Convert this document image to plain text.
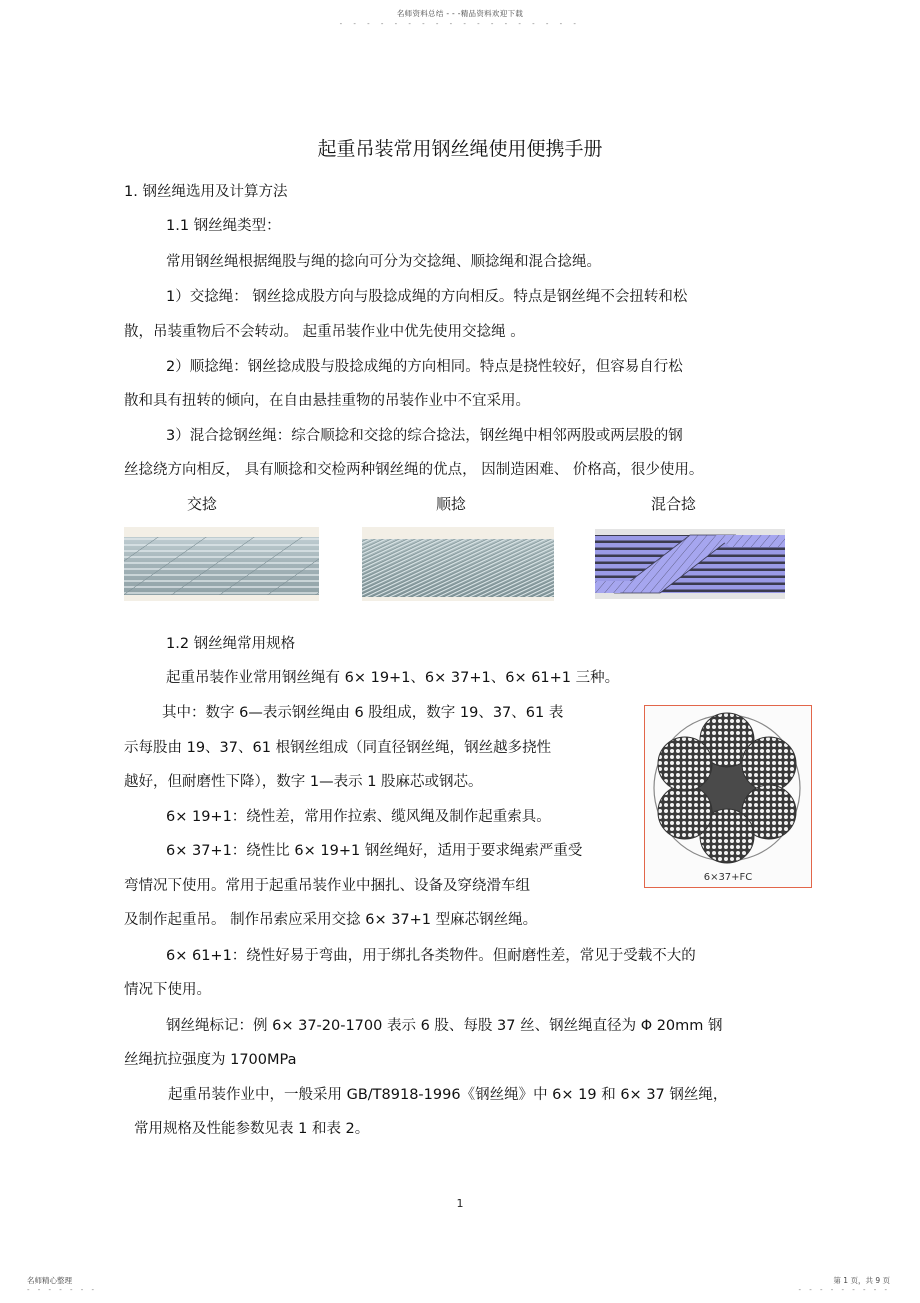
名师资料总结 - - -精品资料欢迎下载
- - - - - - - - - - - - - - - - - -
起重吊装常用钢丝绳使用便携手册
1. 钢丝绳选用及计算方法
1.1 钢丝绳类型：
常用钢丝绳根据绳股与绳的捻向可分为交捻绳、顺捻绳和混合捻绳。
1）交捻绳： 钢丝捻成股方向与股捻成绳的方向相反。特点是钢丝绳不会扭转和松
散，吊装重物后不会转动。 起重吊装作业中优先使用交捻绳 。
2）顺捻绳：钢丝捻成股与股捻成绳的方向相同。特点是挠性较好，但容易自行松
散和具有扭转的倾向，在自由悬挂重物的吊装作业中不宜采用。
3）混合捻钢丝绳：综合顺捻和交捻的综合捻法，钢丝绳中相邻两股或两层股的钢
丝捻绕方向相反， 具有顺捻和交检两种钢丝绳的优点， 因制造困难、 价格高，很少使用。
交捻	顺捻	混合捻
1.2 钢丝绳常用规格
起重吊装作业常用钢丝绳有 6× 19+1、6× 37+1、6× 61+1 三种。
其中：数字 6—表示钢丝绳由 6 股组成，数字 19、37、61 表
示每股由 19、37、61 根钢丝组成（同直径钢丝绳，钢丝越多挠性
越好，但耐磨性下降），数字 1—表示 1 股麻芯或钢芯。
6× 19+1：绕性差，常用作拉索、缆风绳及制作起重索具。
6× 37+1：绕性比 6× 19+1 钢丝绳好，适用于要求绳索严重受
弯情况下使用。常用于起重吊装作业中捆扎、设备及穿绕滑车组
及制作起重吊。 制作吊索应采用交捻 6× 37+1 型麻芯钢丝绳。
6× 61+1：绕性好易于弯曲，用于绑扎各类物件。但耐磨性差，常见于受载不大的
情况下使用。
钢丝绳标记：例 6× 37-20-1700 表示 6 股、每股 37 丝、钢丝绳直径为 Φ 20mm 钢
丝绳抗拉强度为 1700MPa
起重吊装作业中，一般采用 GB/T8918-1996《钢丝绳》中 6× 19 和 6× 37 钢丝绳，
常用规格及性能参数见表 1 和表 2。
6×37+FC
1
名师精心整理
- - - - - - -
第 1 页，共 9 页
- - - - - - - - -
